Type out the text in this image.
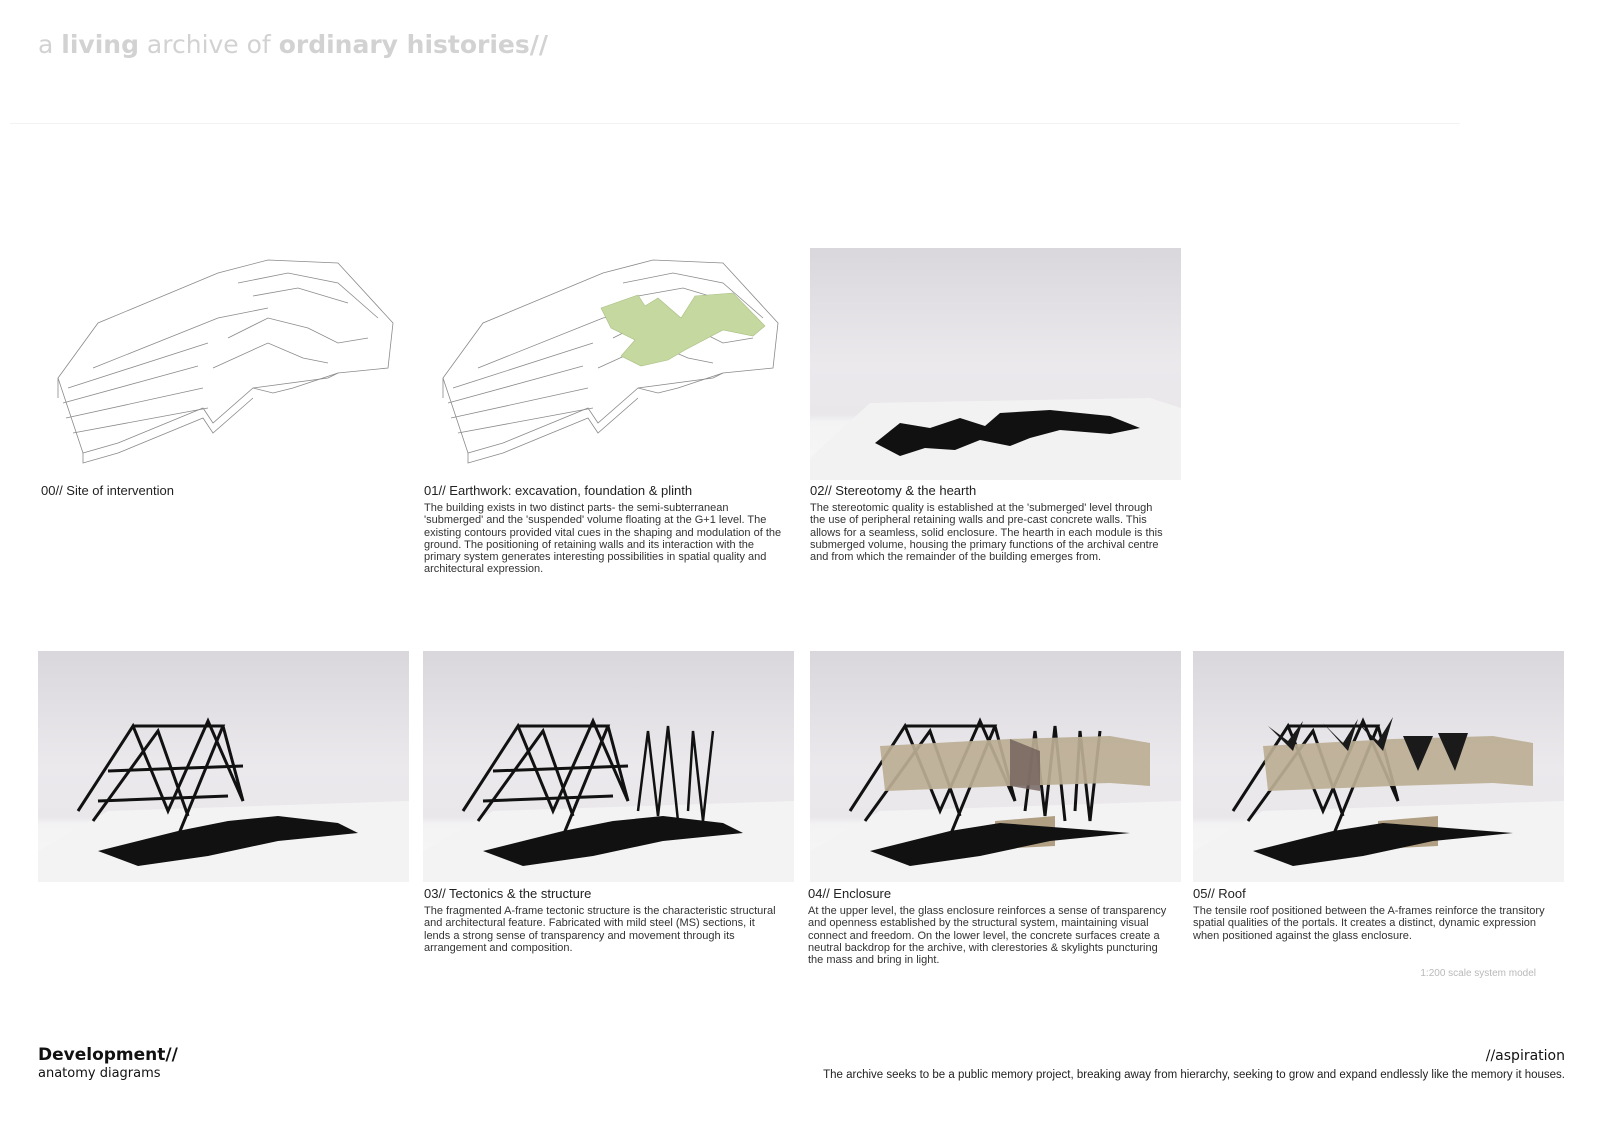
a living archive of ordinary histories//
00// Site of intervention	01// Earthwork: excavation, foundation & plinth
The building exists in two distinct parts- the semi-subterranean 'submerged' and the 'suspended' volume floating at the G+1 level. The existing contours provided vital cues in the shaping and modulation of the ground. The positioning of retaining walls and its interaction with the primary system generates interesting possibilities in spatial quality and architectural expression.
02// Stereotomy & the hearth
The stereotomic quality is established at the 'submerged' level through the use of peripheral retaining walls and pre-cast concrete walls. This allows for a seamless, solid enclosure. The hearth in each module is this submerged volume, housing the primary functions of the archival centre and from which the remainder of the building emerges from.
03// Tectonics & the structure
The fragmented A-frame tectonic structure is the characteristic structural and architectural feature. Fabricated with mild steel (MS) sections, it lends a strong sense of transparency and movement through its arrangement and composition.
04// Enclosure
At the upper level, the glass enclosure reinforces a sense of transparency and openness established by the structural system, maintaining visual connect and freedom. On the lower level, the concrete surfaces create a neutral backdrop for the archive, with clerestories & skylights puncturing the mass and bring in light.
05// Roof
The tensile roof positioned between the A-frames reinforce the transitory spatial qualities of the portals. It creates a distinct, dynamic expression when positioned against the glass enclosure.
1:200 scale system model
Development//
anatomy diagrams
//aspiration
The archive seeks to be a public memory project, breaking away from hierarchy, seeking to grow and expand endlessly like the memory it houses.
